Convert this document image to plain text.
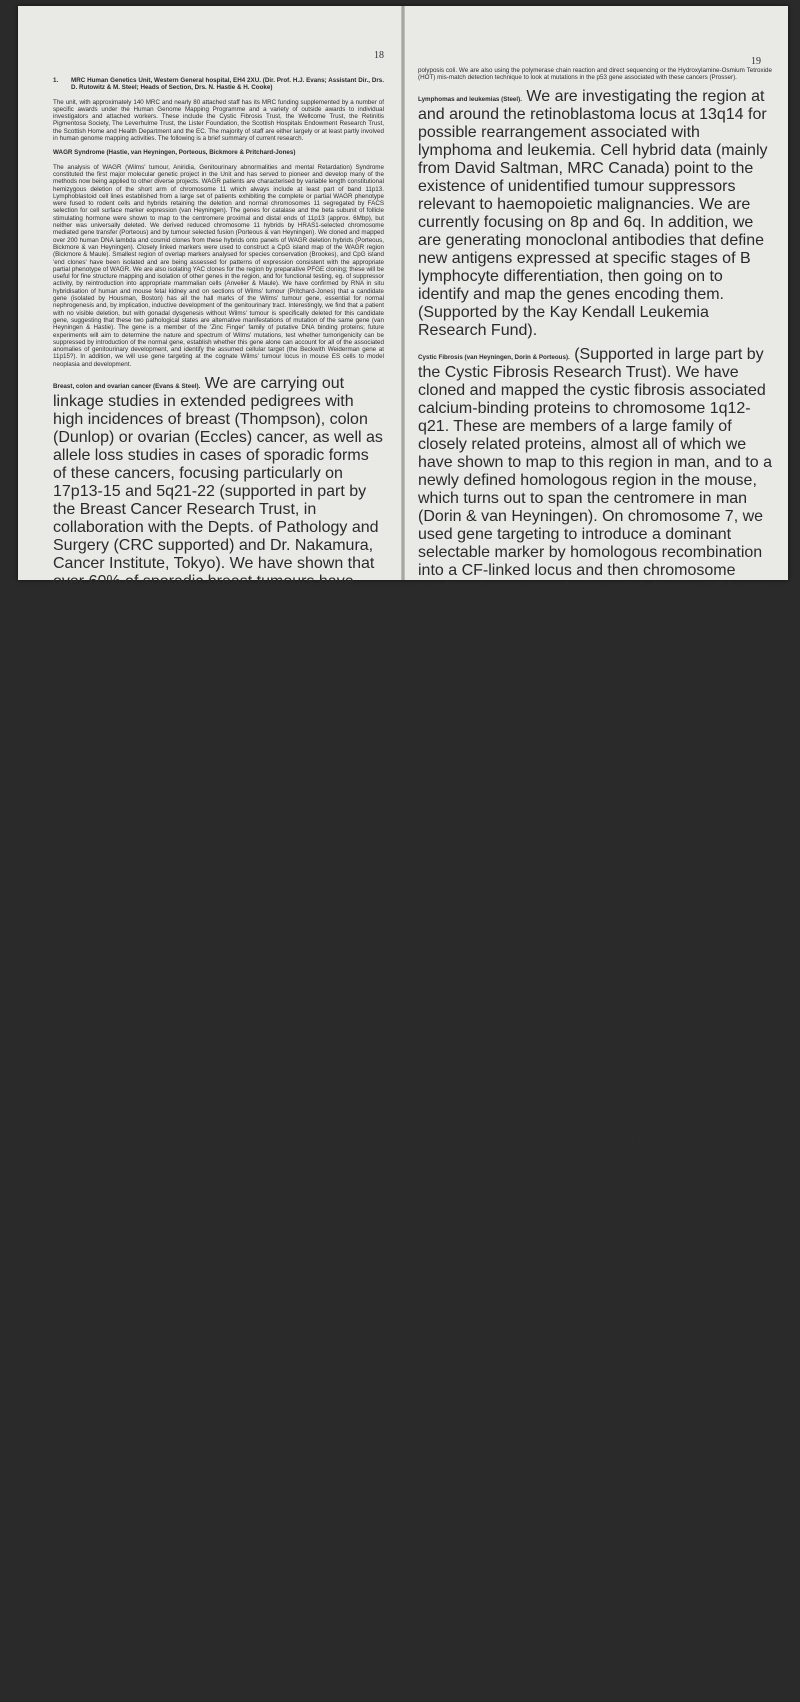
1.	MRC Human Genetics Unit, Western General hospital, EH4 2XU. (Dir. Prof. H.J. Evans; Assistant Dir., Drs. D. Rutowitz & M. Steel; Heads of Section, Drs. N. Hastie & H. Cooke)

The unit, with approximately 140 MRC and nearly 80 attached staff has its MRC funding supplemented by a number of specific awards under the Human Genome Mapping Programme and a variety of outside awards to individual investigators and attached workers. These include the Cystic Fibrosis Trust, the Wellcome Trust, the Retinitis Pigmentosa Society, The Leverhulme Trust, the Lister Foundation, the Scottish Hospitals Endowment Research Trust, the Scottish Home and Health Department and the EC. The majority of staff are either largely or at least partly involved in human genome mapping activities. The following is a brief summary of current research.

WAGR Syndrome (Hastie, van Heyningen, Porteous, Bickmore & Pritchard-Jones)

The analysis of WAGR (Wilms' tumour, Aniridia, Genitourinary abnormalities and mental Retardation) Syndrome constituted the first major molecular genetic project in the Unit and has served to pioneer and develop many of the methods now being applied to other diverse projects. WAGR patients are characterised by variable length constitutional hemizygous deletion of the short arm of chromosome 11 which always include at least part of band 11p13. Lymphoblastoid cell lines established from a large set of patients exhibiting the complete or partial WAGR phenotype were fused to rodent cells and hybrids retaining the deletion and normal chromosomes 11 segregated by FACS selection for cell surface marker expression (van Heyningen). The genes for catalase and the beta subunit of follicle stimulating hormone were shown to map to the centromere proximal and distal ends of 11p13 (approx. 6Mbp), but neither was universally deleted. We derived reduced chromosome 11 hybrids by HRAS1-selected chromosome mediated gene transfer (Porteous) and by tumour selected fusion (Porteous & van Heyningen). We cloned and mapped over 200 human DNA lambda and cosmid clones from these hybrids onto panels of WAGR deletion hybrids (Porteous, Bickmore & van Heyningen). Closely linked markers were used to construct a CpG island map of the WAGR region (Bickmore & Maule). Smallest region of overlap markers analysed for species conservation (Brookes), and CpG island 'end clones' have been isolated and are being assessed for patterns of expression consistent with the appropriate partial phenotype of WAGR. We are also isolating YAC clones for the region by preparative PFGE cloning; these will be useful for fine structure mapping and isolation of other genes in the region, and for functional testing, eg. of suppressor activity, by reintroduction into appropriate mammalian cells (Anvelier & Maule). We have confirmed by RNA in situ hybridisation of human and mouse fetal kidney and on sections of Wilms' tumour (Pritchard-Jones) that a candidate gene (isolated by Housman, Boston) has all the hall marks of the Wilms' tumour gene, essential for normal nephrogenesis and, by implication, inductive development of the genitourinary tract. Interestingly, we find that a patient with no visible deletion, but with gonadal dysgenesis without Wilms' tumour is specifically deleted for this candidate gene, suggesting that these two pathological states are alternative manifestations of mutation of the same gene (van Heyningen & Hastie). The gene is a member of the 'Zinc Finger' family of putative DNA binding proteins; future experiments will aim to determine the nature and spectrum of Wilms' mutations, test whether tumorigenicity can be suppressed by introduction of the normal gene, establish whether this gene alone can account for all of the associated anomalies of genitourinary development, and identify the assumed cellular target (the Beckwith Weiderman gene at 11p15?). In addition, we will use gene targeting at the cognate Wilms' tumour locus in mouse ES cells to model neoplasia and development.

Breast, colon and ovarian cancer (Evans & Steel). We are carrying out linkage studies in extended pedigrees with high incidences of breast (Thompson), colon (Dunlop) or ovarian (Eccles) cancer, as well as allele loss studies in cases of sporadic forms of these cancers, focusing particularly on 17p13-15 and 5q21-22 (supported in part by the Breast Cancer Research Trust, in collaboration with the Depts. of Pathology and Surgery (CRC supported) and Dr. Nakamura, Cancer Institute, Tokyo). We have shown that over 60% of sporadic breast tumours have allele loss involving 17p and that about 70% of sporadic colon cancers show hemizygosity of the region of 5q that includes the gene for familial adenomatous

polyposis coli. We are also using the polymerase chain reaction and direct sequencing or the Hydroxylamine-Osmium Tetroxide (HOT) mis-match detection technique to look at mutations in the p53 gene associated with these cancers (Prosser).

Lymphomas and leukemias (Steel). We are investigating the region at and around the retinoblastoma locus at 13q14 for possible rearrangement associated with lymphoma and leukemia. Cell hybrid data (mainly from David Saltman, MRC Canada) point to the existence of unidentified tumour suppressors relevant to haemopoietic malignancies. We are currently focusing on 8p and 6q. In addition, we are generating monoclonal antibodies that define new antigens expressed at specific stages of B lymphocyte differentiation, then going on to identify and map the genes encoding them. (Supported by the Kay Kendall Leukemia Research Fund).

Cystic Fibrosis (van Heyningen, Dorin & Porteous). (Supported in large part by the Cystic Fibrosis Research Trust). We have cloned and mapped the cystic fibrosis associated calcium-binding proteins to chromosome 1q12-q21. These are members of a large family of closely related proteins, almost all of which we have shown to map to this region in man, and to a newly defined homologous region in the mouse, which turns out to span the centromere in man (Dorin & van Heyningen). On chromosome 7, we used gene targeting to introduce a dominant selectable marker by homologous recombination into a CF-linked locus and then chromosome mediated gene transfer to enrich for the CF locus (Dorin & Porteous). With the CF gene now cloned and the major mutation identified, we are using the gene targeting approach in mouse ES cells to introduce the human mutation into the cognate mouse gene. Generation of germ line chimeras (in collaboration with Dr. M. Hooper, Dept. of Pathology) and breeding to homozygosity will provide a model for the human disease (Dorin, Dickinson & Porteous).

DiGeorge Syndrome (Sharkey & Evans). DiGeorge Syndrome, a developmental field defect in human embryogenesis, is thought to be due to monosomy of 22q11.1. We are deriving new DNA probes for the region from a NotI library of ch22-only human-mouse hybrid DNA and from FACS sorted derived chromosome 22 from a patient with Cat Eye Syndrome. In addition, we are producing X-irradiation fusion hybrids for reduced chromosome 22 fragments to aid mapping and as a cloning source for new markers.

Retinal disease genes (Bhattacharya, Lindsay, Bower, Wright). We first showed genetic linkage of X-linked retinitis pigmentosa to the short arm of the human chromosome. At least two different forms of the X-linked disease are now recognised and shown to map to distinct regions of the short arm. We have isolated a battery of X-chromosome derived cosmids which have been mapped by in situ hybridisation and to a panel of somatic cell hybrids carrying derived X-chromosomes. Cosmids mapping to the relevant region are being assessed for potential coding sequences by the criteria of restriction with endonucleases diagnostic for CpG islands, by species conservation ('Zoo' blots) and by detection of transcripts in retinal and other cell lines (Bhattacharya, Lindsay & Bower). This work is supported in part by a Programme Grant from the Wellcome Trust.

As an alternative approach towards enrichment cloning for the region, we aim to introduce a dominant selectable marker into the relevant region of the X chromosome by homologous recombination from which reduced X-hybrids will be derived by CMGT or X-irradiation. YAC libraries have also been established by conventional and novel means (see below) from FACS sorted X chromosomes and from cell lines containing multiple copies of the X-chromosome, providing probes for and complementary to the long range restriction map we are constructing of the region (Wright).

Psychiatric Genetics (St. Clair, Muir, Evans). High density schizophrenic and manic depressive families have been recruited in Scotland and all available members interviewed and assessed clinically for major mental illness. We find no evidence for linkage of a predisposing locus on chromosome 5 proposed by others. We are therefore using available and previously mapped highly polymorphic markers for inclusion and exclusion mapping, but certain regions of the genome provide obvious focus. There are a number of candidate genes, for example the dopamine D2 receptor, which will be examined for evidence of a consistent mutation associated with major mental illness. In addition, we have recently identified a family in which an autosomal translocation cosegregates with schizophrenia. We will use our expertise in somatic cell genetics, in situ hybridisation and YAC cloning to map and clone the breakpoint (with

18
19
